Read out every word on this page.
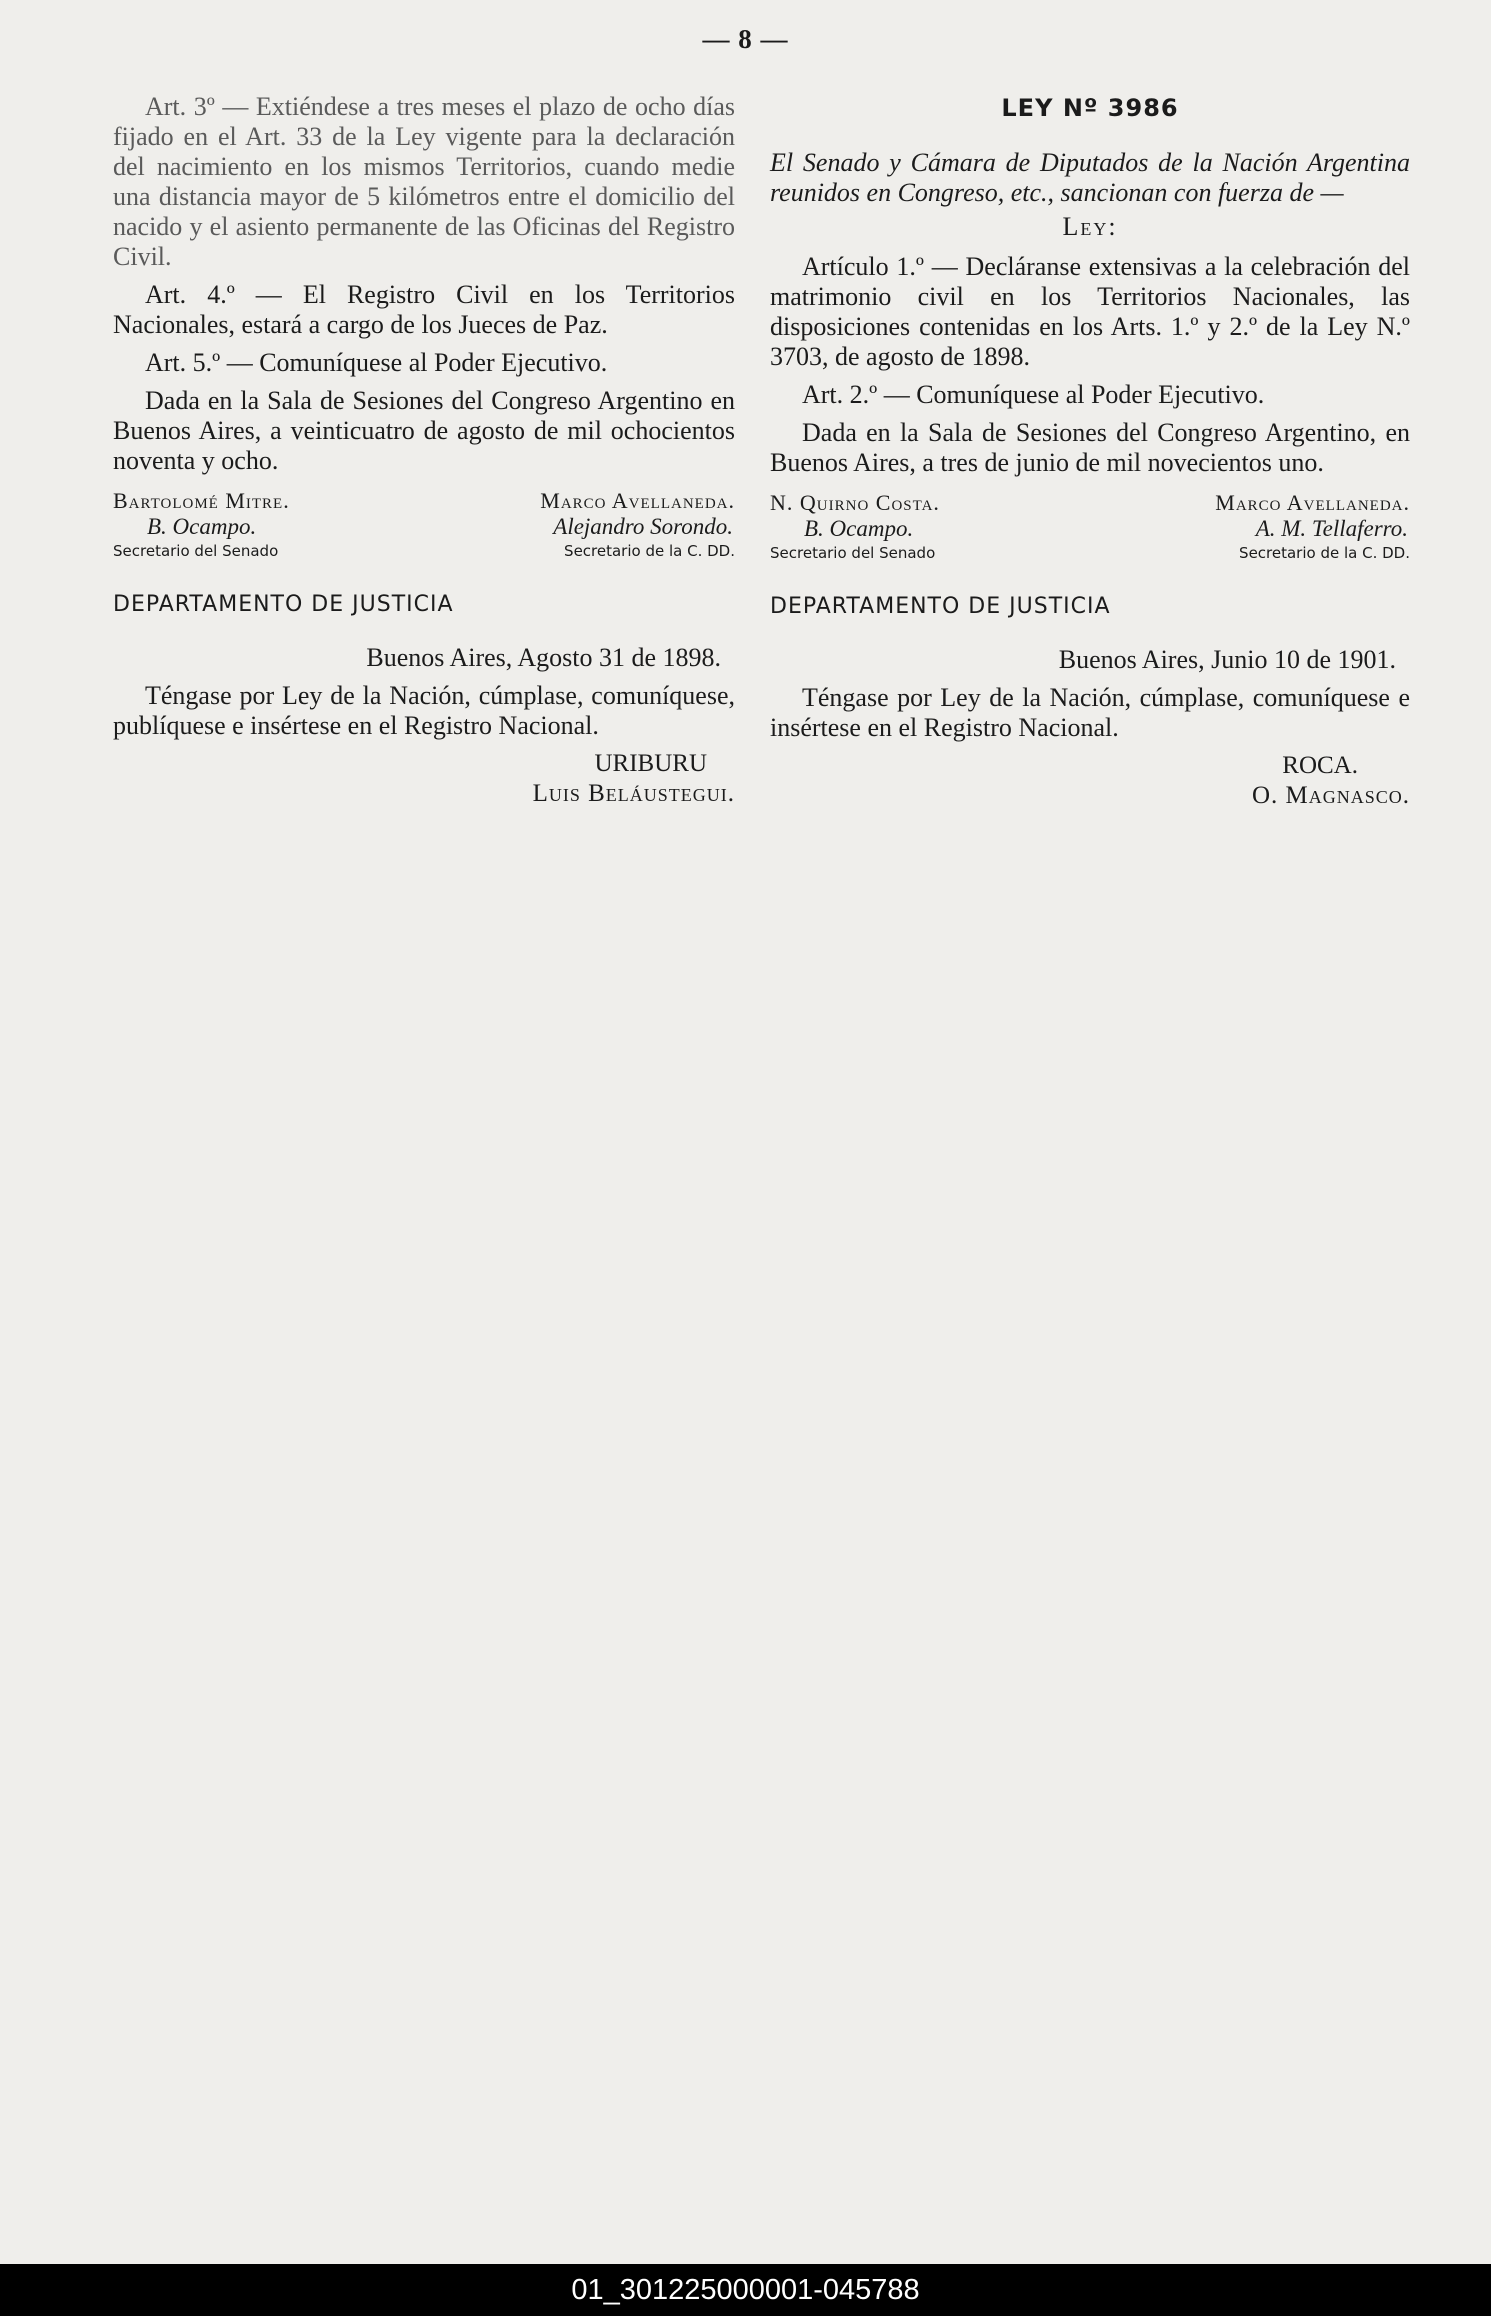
— 8 —

Art. 3º — Extiéndese a tres meses el plazo de ocho días fijado en el Art. 33 de la Ley vigente para la declaración del nacimiento en los mismos Territorios, cuando medie una distancia mayor de 5 kilómetros entre el domicilio del nacido y el asiento permanente de las Oficinas del Registro Civil.

Art. 4.º — El Registro Civil en los Territorios Nacionales, estará a cargo de los Jueces de Paz.

Art. 5.º — Comuníquese al Poder Ejecutivo.

Dada en la Sala de Sesiones del Congreso Argentino en Buenos Aires, a veinticuatro de agosto de mil ochocientos noventa y ocho.

Bartolomé Mitre.
B. Ocampo.
Secretario del Senado
Marco Avellaneda.
Alejandro Sorondo.
Secretario de la C. DD.
DEPARTAMENTO DE JUSTICIA
Buenos Aires, Agosto 31 de 1898.

Téngase por Ley de la Nación, cúmplase, comuníquese, publíquese e insértese en el Registro Nacional.

URIBURU

Luis Beláustegui.

LEY Nº 3986

El Senado y Cámara de Diputados de la Nación Argentina reunidos en Congreso, etc., sancionan con fuerza de —

Ley:

Artículo 1.º — Decláranse extensivas a la celebración del matrimonio civil en los Territorios Nacionales, las disposiciones contenidas en los Arts. 1.º y 2.º de la Ley N.º 3703, de agosto de 1898.

Art. 2.º — Comuníquese al Poder Ejecutivo.

Dada en la Sala de Sesiones del Congreso Argentino, en Buenos Aires, a tres de junio de mil novecientos uno.

N. Quirno Costa.
B. Ocampo.
Secretario del Senado
Marco Avellaneda.
A. M. Tellaferro.
Secretario de la C. DD.
DEPARTAMENTO DE JUSTICIA
Buenos Aires, Junio 10 de 1901.

Téngase por Ley de la Nación, cúmplase, comuníquese e insértese en el Registro Nacional.

ROCA.

O. Magnasco.

01_301225000001-045788
